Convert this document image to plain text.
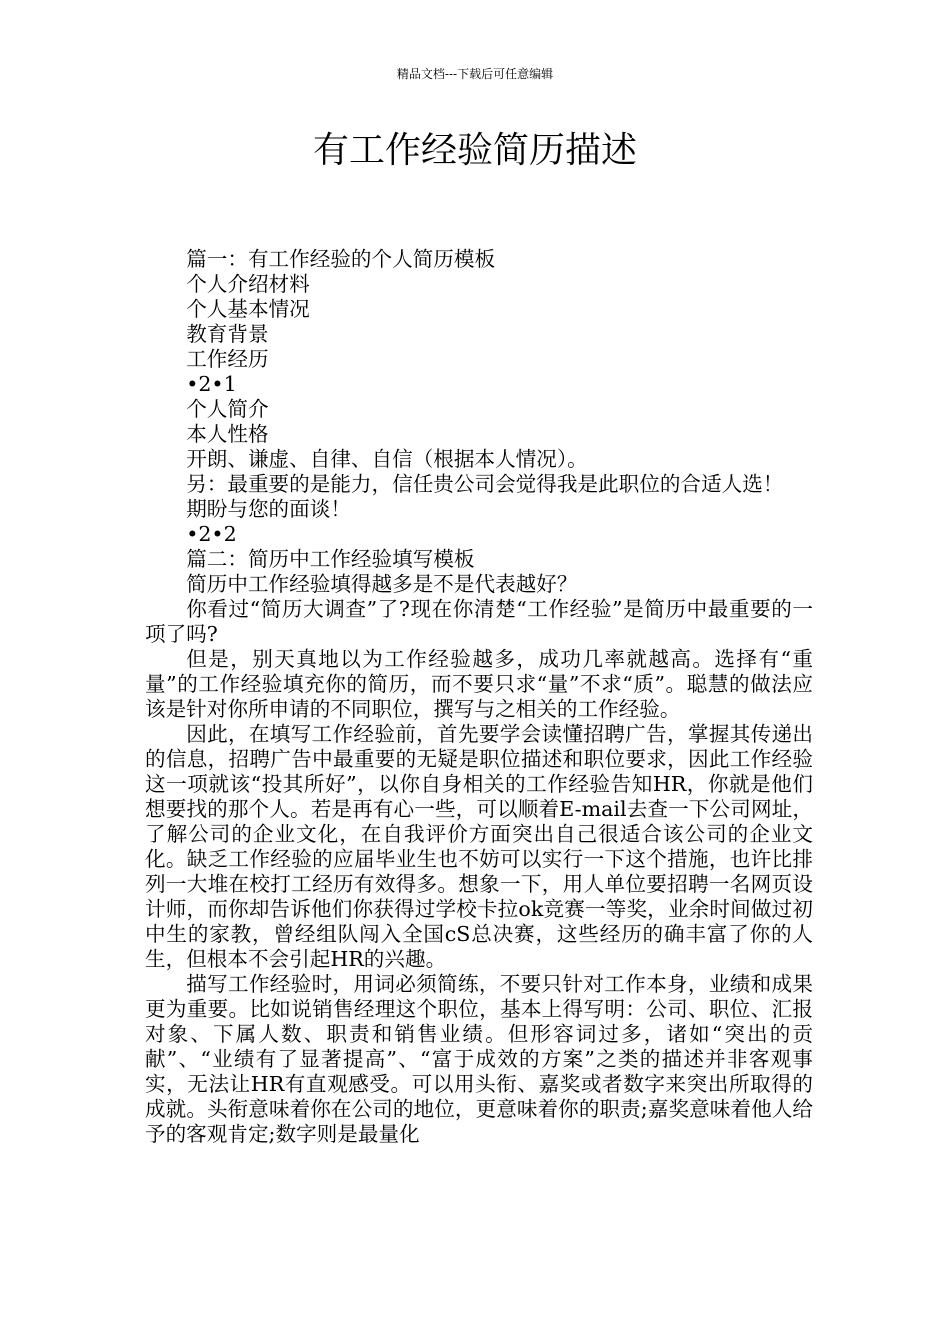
精品文档---下载后可任意编辑
有工作经验简历描述

篇一：有工作经验的个人简历模板

个人介绍材料

个人基本情况

教育背景

工作经历

•2•1

个人简介

本人性格

开朗、谦虚、自律、自信（根据本人情况）。

另：最重要的是能力，信任贵公司会觉得我是此职位的合适人选！

期盼与您的面谈！

•2•2

篇二：简历中工作经验填写模板

简历中工作经验填得越多是不是代表越好？

你看过“简历大调查”了?现在你清楚“工作经验”是简历中最重要的一项了吗?

但是，别天真地以为工作经验越多，成功几率就越高。选择有“重量”的工作经验填充你的简历，而不要只求“量”不求“质”。聪慧的做法应该是针对你所申请的不同职位，撰写与之相关的工作经验。

因此，在填写工作经验前，首先要学会读懂招聘广告，掌握其传递出的信息，招聘广告中最重要的无疑是职位描述和职位要求，因此工作经验这一项就该“投其所好”，以你自身相关的工作经验告知HR，你就是他们想要找的那个人。若是再有心一些，可以顺着E-mail去查一下公司网址，了解公司的企业文化，在自我评价方面突出自己很适合该公司的企业文化。缺乏工作经验的应届毕业生也不妨可以实行一下这个措施，也许比排列一大堆在校打工经历有效得多。想象一下，用人单位要招聘一名网页设计师，而你却告诉他们你获得过学校卡拉ok竞赛一等奖，业余时间做过初中生的家教，曾经组队闯入全国cS总决赛，这些经历的确丰富了你的人生，但根本不会引起HR的兴趣。

描写工作经验时，用词必须简练，不要只针对工作本身，业绩和成果更为重要。比如说销售经理这个职位，基本上得写明：公司、职位、汇报对象、下属人数、职责和销售业绩。但形容词过多，诸如“突出的贡献”、“业绩有了显著提高”、“富于成效的方案”之类的描述并非客观事实，无法让HR有直观感受。可以用头衔、嘉奖或者数字来突出所取得的成就。头衔意味着你在公司的地位，更意味着你的职责;嘉奖意味着他人给予的客观肯定;数字则是最量化
